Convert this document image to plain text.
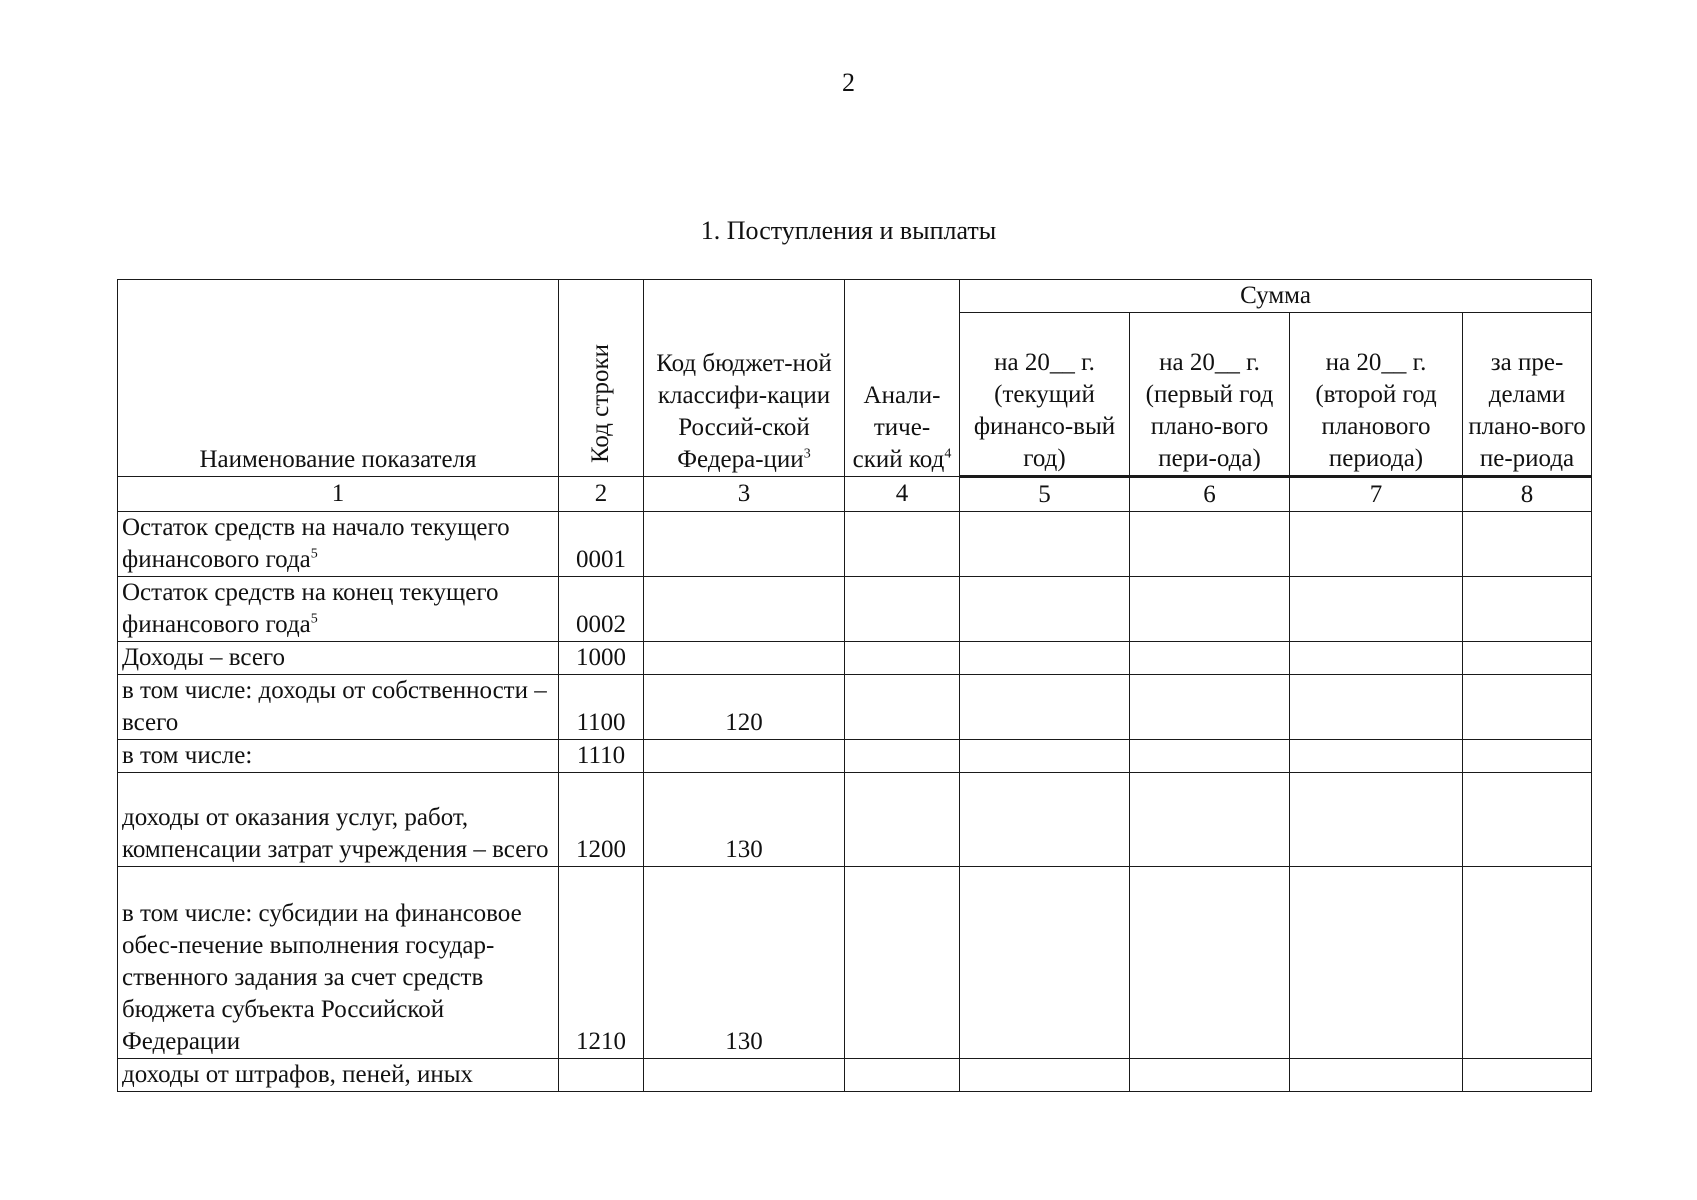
2
1. Поступления и выплаты
Наименование показателя	Код строки	Код бюджет-ной классифи-кации Россий-ской Федера-ции$^3$	Анали-тиче-ский код$^4$	Сумма			
				на 20__ г. (текущий финансо-вый год)	на 20__ г. (первый год плано-вого пери-ода)	на 20__ г. (второй год планового периода)	за пре-делами плано-вого пе-риода
1	2	3	4	5	6	7	8
Остаток средств на начало текущего финансового года$^5$	0001						
Остаток средств на конец текущего финансового года$^5$	0002						
Доходы – всего	1000						
в том числе: доходы от собственности – всего	1100	120					
в том числе:	1110						
доходы от оказания услуг, работ, компенсации затрат учреждения – всего	1200	130					
в том числе: субсидии на финансовое обес-печение выполнения государ-ственного задания за счет средств бюджета субъекта Российской Федерации	1210	130					
доходы от штрафов, пеней, иных							
